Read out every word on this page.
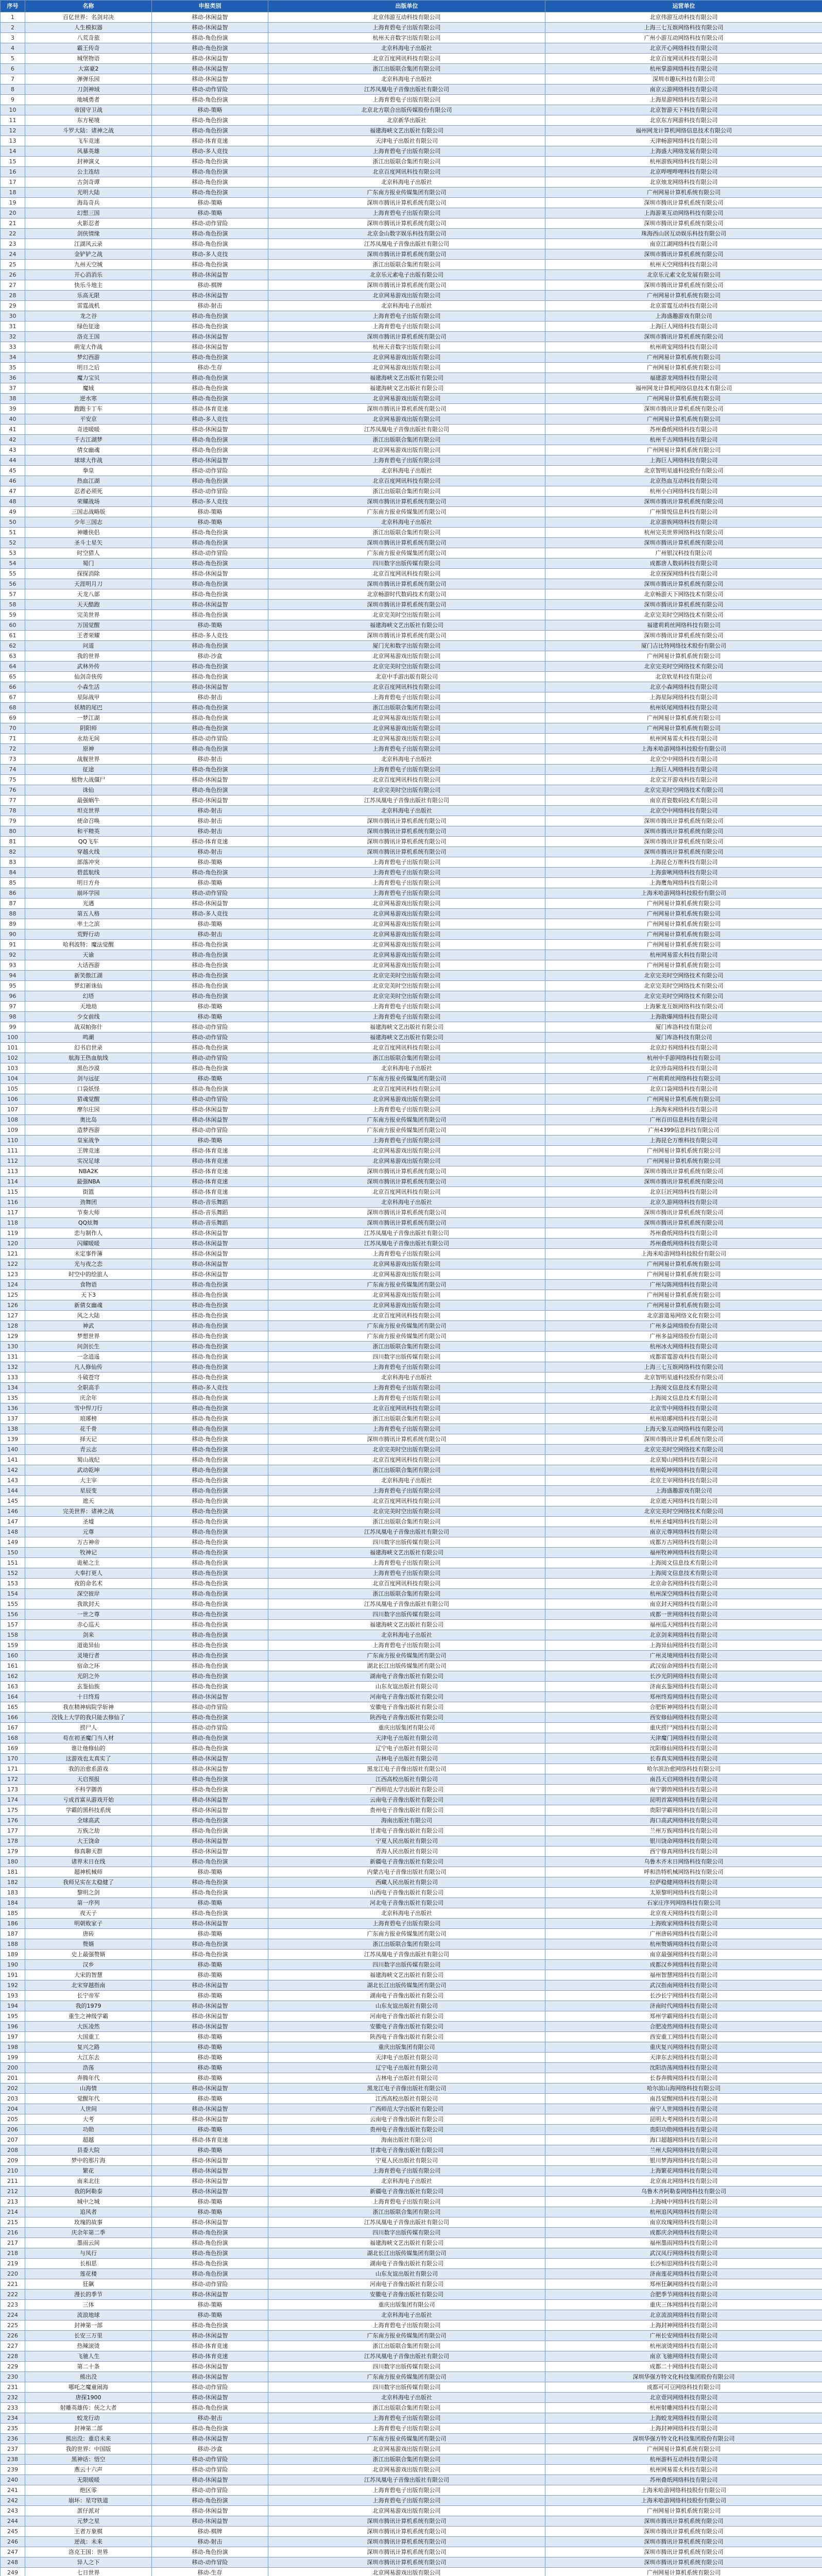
序号	名称	申报类别	出版单位	运营单位
1	百亿世界：名剑对决	移动-休闲益智	北京伟游互动科技有限公司	北京伟游互动科技有限公司
2	人生模拟器	移动-休闲益智	上海育碧电子出版有限公司	上海三七互娱网络科技有限公司
3	八荒奇旅	移动-角色扮演	杭州天音数字出版有限公司	广州小游互动网络科技有限公司
4	霸王传奇	移动-角色扮演	北京科海电子出版社	北京开心网络科技有限公司
5	城堡物语	移动-休闲益智	北京百度网讯科技有限公司	北京百度网讯科技有限公司
6	大富豪2	移动-休闲益智	浙江出版联合集团有限公司	杭州掌游网络科技有限公司
7	弹弹乐园	移动-休闲益智	北京科海电子出版社	深圳市趣玩科技有限公司
8	刀剑神域	移动-动作冒险	江苏凤凰电子音像出版社有限公司	南京云游网络科技有限公司
9	地城勇者	移动-角色扮演	上海育碧电子出版有限公司	上海星游网络科技有限公司
10	帝国守卫战	移动-策略	北京北方联合出版传媒股份有限公司	北京智游天下科技有限公司
11	东方秘境	移动-角色扮演	北京新华出版社	北京东方网游科技有限公司
12	斗罗大陆：诸神之战	移动-角色扮演	福建海峡文艺出版社有限公司	福州网龙计算机网络信息技术有限公司
13	飞车竞速	移动-体育竞速	天津电子出版社有限公司	天津畅游网络科技有限公司
14	风暴英雄	移动-多人竞技	上海育碧电子出版有限公司	上海盛大网络发展有限公司
15	封神演义	移动-角色扮演	浙江出版联合集团有限公司	杭州游族网络科技有限公司
16	公主连结	移动-角色扮演	北京百度网讯科技有限公司	北京哔哩哔哩科技有限公司
17	古剑奇谭	移动-角色扮演	北京科海电子出版社	北京烛龙网络科技有限公司
18	光明大陆	移动-角色扮演	广东南方报业传媒集团有限公司	广州网易计算机系统有限公司
19	海岛奇兵	移动-策略	深圳市腾讯计算机系统有限公司	深圳市腾讯计算机系统有限公司
20	幻想三国	移动-策略	上海育碧电子出版有限公司	上海游莱互动网络科技有限公司
21	火影忍者	移动-动作冒险	深圳市腾讯计算机系统有限公司	深圳市腾讯计算机系统有限公司
22	剑侠情缘	移动-角色扮演	北京金山数字娱乐科技有限公司	珠海西山居互动娱乐科技有限公司
23	江湖风云录	移动-角色扮演	江苏凤凰电子音像出版社有限公司	南京江湖网络科技有限公司
24	金铲铲之战	移动-多人竞技	深圳市腾讯计算机系统有限公司	深圳市腾讯计算机系统有限公司
25	九州天空城	移动-角色扮演	浙江出版联合集团有限公司	杭州天空网络科技有限公司
26	开心消消乐	移动-休闲益智	北京乐元素电子出版有限公司	北京乐元素文化发展有限公司
27	快乐斗地主	移动-棋牌	深圳市腾讯计算机系统有限公司	深圳市腾讯计算机系统有限公司
28	乐高无限	移动-休闲益智	北京网易游戏出版有限公司	广州网易计算机系统有限公司
29	雷霆战机	移动-射击	北京科海电子出版社	北京雷霆互动科技有限公司
30	龙之谷	移动-角色扮演	上海育碧电子出版有限公司	上海盛趣游戏有限公司
31	绿色征途	移动-角色扮演	上海育碧电子出版有限公司	上海巨人网络科技有限公司
32	洛克王国	移动-休闲益智	深圳市腾讯计算机系统有限公司	深圳市腾讯计算机系统有限公司
33	萌宠大作战	移动-休闲益智	杭州天音数字出版有限公司	杭州萌宠网络科技有限公司
34	梦幻西游	移动-角色扮演	北京网易游戏出版有限公司	广州网易计算机系统有限公司
35	明日之后	移动-生存	北京网易游戏出版有限公司	广州网易计算机系统有限公司
36	魔力宝贝	移动-角色扮演	福建海峡文艺出版社有限公司	福建游龙网络科技有限公司
37	魔域	移动-角色扮演	福建海峡文艺出版社有限公司	福州网龙计算机网络信息技术有限公司
38	逆水寒	移动-角色扮演	北京网易游戏出版有限公司	广州网易计算机系统有限公司
39	跑跑卡丁车	移动-体育竞速	深圳市腾讯计算机系统有限公司	深圳市腾讯计算机系统有限公司
40	平安京	移动-多人竞技	北京网易游戏出版有限公司	广州网易计算机系统有限公司
41	奇迹暖暖	移动-休闲益智	江苏凤凰电子音像出版社有限公司	苏州叠纸网络科技有限公司
42	千古江湖梦	移动-角色扮演	浙江出版联合集团有限公司	杭州千古网络科技有限公司
43	倩女幽魂	移动-角色扮演	北京网易游戏出版有限公司	广州网易计算机系统有限公司
44	球球大作战	移动-休闲益智	上海育碧电子出版有限公司	上海巨人网络科技有限公司
45	拳皇	移动-动作冒险	北京科海电子出版社	北京智明星通科技股份有限公司
46	热血江湖	移动-角色扮演	北京百度网讯科技有限公司	北京热血互动科技有限公司
47	忍者必须死	移动-动作冒险	浙江出版联合集团有限公司	杭州小白网络科技有限公司
48	荣耀战场	移动-多人竞技	深圳市腾讯计算机系统有限公司	深圳市腾讯计算机系统有限公司
49	三国志战略版	移动-策略	广东南方报业传媒集团有限公司	广州简悦信息科技有限公司
50	少年三国志	移动-策略	北京科海电子出版社	北京游族网络科技有限公司
51	神雕侠侣	移动-角色扮演	浙江出版联合集团有限公司	杭州完美世界网络科技有限公司
52	圣斗士星矢	移动-角色扮演	深圳市腾讯计算机系统有限公司	深圳市腾讯计算机系统有限公司
53	时空猎人	移动-动作冒险	广东南方报业传媒集团有限公司	广州银汉科技有限公司
54	蜀门	移动-角色扮演	四川数字出版传媒有限公司	成都唐人数码科技有限公司
55	探探消除	移动-休闲益智	北京百度网讯科技有限公司	北京探探网络科技有限公司
56	天涯明月刀	移动-角色扮演	深圳市腾讯计算机系统有限公司	深圳市腾讯计算机系统有限公司
57	天龙八部	移动-角色扮演	北京畅游时代数码技术有限公司	北京畅游天下网络技术有限公司
58	天天酷跑	移动-休闲益智	深圳市腾讯计算机系统有限公司	深圳市腾讯计算机系统有限公司
59	完美世界	移动-角色扮演	北京完美时空出版有限公司	北京完美时空网络技术有限公司
60	万国觉醒	移动-策略	福建海峡文艺出版社有限公司	福建莉莉丝网络科技有限公司
61	王者荣耀	移动-多人竞技	深圳市腾讯计算机系统有限公司	深圳市腾讯计算机系统有限公司
62	问道	移动-角色扮演	厦门光和数字出版有限公司	厦门吉比特网络技术股份有限公司
63	我的世界	移动-沙盒	北京网易游戏出版有限公司	广州网易计算机系统有限公司
64	武林外传	移动-角色扮演	北京完美时空出版有限公司	北京完美时空网络技术有限公司
65	仙剑奇侠传	移动-角色扮演	北京中手游出版有限公司	北京软星科技有限公司
66	小森生活	移动-休闲益智	北京百度网讯科技有限公司	北京小森网络科技有限公司
67	星际战甲	移动-射击	上海育碧电子出版有限公司	上海星际网络科技有限公司
68	妖精的尾巴	移动-角色扮演	浙江出版联合集团有限公司	杭州妖尾网络科技有限公司
69	一梦江湖	移动-角色扮演	北京网易游戏出版有限公司	广州网易计算机系统有限公司
70	阴阳师	移动-角色扮演	北京网易游戏出版有限公司	广州网易计算机系统有限公司
71	永劫无间	移动-动作冒险	北京网易游戏出版有限公司	杭州网易雷火科技有限公司
72	原神	移动-角色扮演	上海育碧电子出版有限公司	上海米哈游网络科技股份有限公司
73	战舰世界	移动-射击	北京科海电子出版社	北京空中网络科技有限公司
74	征途	移动-角色扮演	上海育碧电子出版有限公司	上海巨人网络科技有限公司
75	植物大战僵尸	移动-休闲益智	北京百度网讯科技有限公司	北京宝开游戏科技有限公司
76	诛仙	移动-角色扮演	北京完美时空出版有限公司	北京完美时空网络技术有限公司
77	最强蜗牛	移动-休闲益智	江苏凤凰电子音像出版社有限公司	南京青瓷数码技术有限公司
78	坦克世界	移动-射击	北京科海电子出版社	北京空中网络科技有限公司
79	使命召唤	移动-射击	深圳市腾讯计算机系统有限公司	深圳市腾讯计算机系统有限公司
80	和平精英	移动-射击	深圳市腾讯计算机系统有限公司	深圳市腾讯计算机系统有限公司
81	QQ飞车	移动-体育竞速	深圳市腾讯计算机系统有限公司	深圳市腾讯计算机系统有限公司
82	穿越火线	移动-射击	深圳市腾讯计算机系统有限公司	深圳市腾讯计算机系统有限公司
83	部落冲突	移动-策略	上海育碧电子出版有限公司	上海昆仑万维科技有限公司
84	碧蓝航线	移动-角色扮演	上海育碧电子出版有限公司	上海蛮啾网络科技有限公司
85	明日方舟	移动-策略	上海育碧电子出版有限公司	上海鹰角网络科技有限公司
86	崩坏学园	移动-动作冒险	上海育碧电子出版有限公司	上海米哈游网络科技股份有限公司
87	光遇	移动-休闲益智	北京网易游戏出版有限公司	广州网易计算机系统有限公司
88	第五人格	移动-多人竞技	北京网易游戏出版有限公司	广州网易计算机系统有限公司
89	率土之滨	移动-策略	北京网易游戏出版有限公司	广州网易计算机系统有限公司
90	荒野行动	移动-射击	北京网易游戏出版有限公司	广州网易计算机系统有限公司
91	哈利波特：魔法觉醒	移动-角色扮演	北京网易游戏出版有限公司	广州网易计算机系统有限公司
92	天谕	移动-角色扮演	北京网易游戏出版有限公司	杭州网易雷火科技有限公司
93	大话西游	移动-角色扮演	北京网易游戏出版有限公司	广州网易计算机系统有限公司
94	新笑傲江湖	移动-角色扮演	北京完美时空出版有限公司	北京完美时空网络技术有限公司
95	梦幻新诛仙	移动-角色扮演	北京完美时空出版有限公司	北京完美时空网络技术有限公司
96	幻塔	移动-角色扮演	北京完美时空出版有限公司	北京完美时空网络技术有限公司
97	天地劫	移动-策略	上海育碧电子出版有限公司	上海紫龙互娱网络科技有限公司
98	少女前线	移动-策略	上海育碧电子出版有限公司	上海散爆网络科技有限公司
99	战双帕弥什	移动-动作冒险	福建海峡文艺出版社有限公司	厦门库洛科技有限公司
100	鸣潮	移动-动作冒险	福建海峡文艺出版社有限公司	厦门库洛科技有限公司
101	幻书启世录	移动-角色扮演	北京百度网讯科技有限公司	北京幻书网络科技有限公司
102	航海王热血航线	移动-动作冒险	浙江出版联合集团有限公司	杭州中手游网络科技有限公司
103	黑色沙漠	移动-角色扮演	北京科海电子出版社	北京珍岛网络科技有限公司
104	剑与远征	移动-策略	广东南方报业传媒集团有限公司	广州莉莉丝网络科技有限公司
105	口袋妖怪	移动-角色扮演	北京百度网讯科技有限公司	北京口袋网络科技有限公司
106	猎魂觉醒	移动-动作冒险	北京网易游戏出版有限公司	广州网易计算机系统有限公司
107	摩尔庄园	移动-休闲益智	上海育碧电子出版有限公司	上海淘米网络科技有限公司
108	奥比岛	移动-休闲益智	广东南方报业传媒集团有限公司	广州百田信息科技有限公司
109	造梦西游	移动-动作冒险	广东南方报业传媒集团有限公司	广州4399信息科技有限公司
110	皇室战争	移动-策略	上海育碧电子出版有限公司	上海昆仑万维科技有限公司
111	王牌竞速	移动-体育竞速	北京网易游戏出版有限公司	广州网易计算机系统有限公司
112	实况足球	移动-体育竞速	北京网易游戏出版有限公司	广州网易计算机系统有限公司
113	NBA2K	移动-体育竞速	深圳市腾讯计算机系统有限公司	深圳市腾讯计算机系统有限公司
114	最强NBA	移动-体育竞速	深圳市腾讯计算机系统有限公司	深圳市腾讯计算机系统有限公司
115	街篮	移动-体育竞速	北京百度网讯科技有限公司	北京巨匠网络科技有限公司
116	劲舞团	移动-音乐舞蹈	北京科海电子出版社	北京久游网络科技有限公司
117	节奏大师	移动-音乐舞蹈	深圳市腾讯计算机系统有限公司	深圳市腾讯计算机系统有限公司
118	QQ炫舞	移动-音乐舞蹈	深圳市腾讯计算机系统有限公司	深圳市腾讯计算机系统有限公司
119	恋与制作人	移动-休闲益智	江苏凤凰电子音像出版社有限公司	苏州叠纸网络科技有限公司
120	闪耀暖暖	移动-休闲益智	江苏凤凰电子音像出版社有限公司	苏州叠纸网络科技有限公司
121	未定事件簿	移动-休闲益智	上海育碧电子出版有限公司	上海米哈游网络科技股份有限公司
122	光与夜之恋	移动-休闲益智	北京网易游戏出版有限公司	广州网易计算机系统有限公司
123	时空中的绘旅人	移动-休闲益智	北京网易游戏出版有限公司	广州网易计算机系统有限公司
124	食物语	移动-角色扮演	广东南方报业传媒集团有限公司	广州勾陈网络科技有限公司
125	天下3	移动-角色扮演	北京网易游戏出版有限公司	广州网易计算机系统有限公司
126	新倩女幽魂	移动-角色扮演	北京网易游戏出版有限公司	广州网易计算机系统有限公司
127	风之大陆	移动-角色扮演	北京百度网讯科技有限公司	北京游道易网络文化有限公司
128	神武	移动-角色扮演	广东南方报业传媒集团有限公司	广州多益网络股份有限公司
129	梦想世界	移动-角色扮演	广东南方报业传媒集团有限公司	广州多益网络股份有限公司
130	问剑长生	移动-角色扮演	浙江出版联合集团有限公司	杭州冰火网络科技有限公司
131	一念逍遥	移动-角色扮演	四川数字出版传媒有限公司	成都雷霆游戏科技有限公司
132	凡人修仙传	移动-角色扮演	上海育碧电子出版有限公司	上海三七互娱网络科技有限公司
133	斗破苍穹	移动-角色扮演	北京科海电子出版社	北京智明星通科技股份有限公司
134	全职高手	移动-多人竞技	上海育碧电子出版有限公司	上海阅文信息技术有限公司
135	庆余年	移动-角色扮演	上海育碧电子出版有限公司	上海阅文信息技术有限公司
136	雪中悍刀行	移动-角色扮演	北京百度网讯科技有限公司	北京雪中网络科技有限公司
137	琅琊榜	移动-角色扮演	浙江出版联合集团有限公司	杭州琅琊网络科技有限公司
138	花千骨	移动-角色扮演	上海育碧电子出版有限公司	上海天象互动网络科技有限公司
139	择天记	移动-角色扮演	深圳市腾讯计算机系统有限公司	深圳市腾讯计算机系统有限公司
140	青云志	移动-角色扮演	北京完美时空出版有限公司	北京完美时空网络技术有限公司
141	蜀山战纪	移动-角色扮演	北京百度网讯科技有限公司	北京蜀山网络科技有限公司
142	武动乾坤	移动-角色扮演	浙江出版联合集团有限公司	杭州乾坤网络科技有限公司
143	大主宰	移动-角色扮演	北京科海电子出版社	北京主宰网络科技有限公司
144	星辰变	移动-角色扮演	上海育碧电子出版有限公司	上海盛趣游戏有限公司
145	遮天	移动-角色扮演	北京百度网讯科技有限公司	北京遮天网络科技有限公司
146	完美世界：诸神之战	移动-角色扮演	北京完美时空出版有限公司	北京完美时空网络技术有限公司
147	圣墟	移动-角色扮演	浙江出版联合集团有限公司	杭州圣墟网络科技有限公司
148	元尊	移动-角色扮演	江苏凤凰电子音像出版社有限公司	南京元尊网络科技有限公司
149	万古神帝	移动-角色扮演	四川数字出版传媒有限公司	成都万古网络科技有限公司
150	牧神记	移动-角色扮演	福建海峡文艺出版社有限公司	福州牧神网络科技有限公司
151	诡秘之主	移动-角色扮演	上海育碧电子出版有限公司	上海阅文信息技术有限公司
152	大奉打更人	移动-角色扮演	上海育碧电子出版有限公司	上海阅文信息技术有限公司
153	夜的命名术	移动-角色扮演	北京百度网讯科技有限公司	北京命名网络科技有限公司
154	深空彼岸	移动-角色扮演	浙江出版联合集团有限公司	杭州深空网络科技有限公司
155	我欲封天	移动-角色扮演	江苏凤凰电子音像出版社有限公司	南京封天网络科技有限公司
156	一世之尊	移动-角色扮演	四川数字出版传媒有限公司	成都一世网络科技有限公司
157	赤心巡天	移动-角色扮演	福建海峡文艺出版社有限公司	福州巡天网络科技有限公司
158	剑来	移动-角色扮演	北京科海电子出版社	北京剑来网络科技有限公司
159	道诡异仙	移动-角色扮演	上海育碧电子出版有限公司	上海异仙网络科技有限公司
160	灵境行者	移动-角色扮演	广东南方报业传媒集团有限公司	广州灵境网络科技有限公司
161	宿命之环	移动-角色扮演	湖北长江出版传媒集团有限公司	武汉宿命网络科技有限公司
162	光阴之外	移动-角色扮演	湖南电子音像出版社有限公司	长沙光阴网络科技有限公司
163	玄鉴仙族	移动-角色扮演	山东友谊出版社有限公司	济南玄鉴网络科技有限公司
164	十日终焉	移动-休闲益智	河南电子音像出版社有限公司	郑州终焉网络科技有限公司
165	我在精神病院学斩神	移动-动作冒险	安徽电子音像出版社有限公司	合肥斩神网络科技有限公司
166	没钱上大学的我只能去修仙了	移动-角色扮演	陕西电子音像出版社有限公司	西安修仙网络科技有限公司
167	捞尸人	移动-动作冒险	重庆出版集团有限公司	重庆捞尸网络科技有限公司
168	苟在初圣魔门当人材	移动-角色扮演	天津电子出版社有限公司	天津魔门网络科技有限公司
169	谁让他修仙的	移动-角色扮演	辽宁电子出版社有限公司	沈阳修仙网络科技有限公司
170	这游戏也太真实了	移动-休闲益智	吉林电子出版社有限公司	长春真实网络科技有限公司
171	我的治愈系游戏	移动-休闲益智	黑龙江电子音像出版社有限公司	哈尔滨治愈网络科技有限公司
172	天启预报	移动-角色扮演	江西高校出版社有限公司	南昌天启网络科技有限公司
173	不科学御兽	移动-角色扮演	广西师范大学出版社有限公司	南宁御兽网络科技有限公司
174	亏成首富从游戏开始	移动-休闲益智	云南电子音像出版社有限公司	昆明首富网络科技有限公司
175	学霸的黑科技系统	移动-休闲益智	贵州电子音像出版社有限公司	贵阳学霸网络科技有限公司
176	全球高武	移动-角色扮演	海南出版社有限公司	海口高武网络科技有限公司
177	万族之劫	移动-角色扮演	甘肃电子音像出版社有限公司	兰州万族网络科技有限公司
178	大王饶命	移动-休闲益智	宁夏人民出版社有限公司	银川饶命网络科技有限公司
179	修真聊天群	移动-休闲益智	青海人民出版社有限公司	西宁修真网络科技有限公司
180	诸界末日在线	移动-角色扮演	新疆电子音像出版社有限公司	乌鲁木齐末日网络科技有限公司
181	超神机械师	移动-策略	内蒙古电子音像出版社有限公司	呼和浩特机械网络科技有限公司
182	我师兄实在太稳健了	移动-角色扮演	西藏人民出版社有限公司	拉萨稳健网络科技有限公司
183	黎明之剑	移动-角色扮演	山西电子音像出版社有限公司	太原黎明网络科技有限公司
184	第一序列	移动-策略	河北电子音像出版社有限公司	石家庄序列网络科技有限公司
185	夜天子	移动-角色扮演	北京科海电子出版社	北京夜天网络科技有限公司
186	明朝败家子	移动-休闲益智	上海育碧电子出版有限公司	上海败家网络科技有限公司
187	唐砖	移动-策略	广东南方报业传媒集团有限公司	广州唐砖网络科技有限公司
188	赘婿	移动-角色扮演	浙江出版联合集团有限公司	杭州赘婿网络科技有限公司
189	史上最强赘婿	移动-角色扮演	江苏凤凰电子音像出版社有限公司	南京最强网络科技有限公司
190	汉乡	移动-策略	四川数字出版传媒有限公司	成都汉乡网络科技有限公司
191	大宋的智慧	移动-策略	福建海峡文艺出版社有限公司	福州智慧网络科技有限公司
192	北宋穿越指南	移动-休闲益智	湖北长江出版传媒集团有限公司	武汉指南网络科技有限公司
193	长宁帝军	移动-策略	湖南电子音像出版社有限公司	长沙长宁网络科技有限公司
194	我的1979	移动-休闲益智	山东友谊出版社有限公司	济南时代网络科技有限公司
195	重生之神级学霸	移动-休闲益智	河南电子音像出版社有限公司	郑州学霸网络科技有限公司
196	大医凌然	移动-休闲益智	安徽电子音像出版社有限公司	合肥凌然网络科技有限公司
197	大国重工	移动-策略	陕西电子音像出版社有限公司	西安重工网络科技有限公司
198	复兴之路	移动-策略	重庆出版集团有限公司	重庆复兴网络科技有限公司
199	大江东去	移动-策略	天津电子出版社有限公司	天津东去网络科技有限公司
200	浩荡	移动-策略	辽宁电子出版社有限公司	沈阳浩荡网络科技有限公司
201	奔腾年代	移动-策略	吉林电子出版社有限公司	长春奔腾网络科技有限公司
202	山海情	移动-休闲益智	黑龙江电子音像出版社有限公司	哈尔滨山海网络科技有限公司
203	觉醒年代	移动-策略	江西高校出版社有限公司	南昌觉醒网络科技有限公司
204	人世间	移动-休闲益智	广西师范大学出版社有限公司	南宁人世网络科技有限公司
205	大考	移动-休闲益智	云南电子音像出版社有限公司	昆明大考网络科技有限公司
206	功勋	移动-策略	贵州电子音像出版社有限公司	贵阳功勋网络科技有限公司
207	超越	移动-体育竞速	海南出版社有限公司	海口超越网络科技有限公司
208	县委大院	移动-策略	甘肃电子音像出版社有限公司	兰州大院网络科技有限公司
209	梦中的那片海	移动-休闲益智	宁夏人民出版社有限公司	银川梦海网络科技有限公司
210	繁花	移动-休闲益智	上海育碧电子出版有限公司	上海繁花网络科技有限公司
211	南来北往	移动-休闲益智	北京科海电子出版社	北京南北网络科技有限公司
212	我的阿勒泰	移动-休闲益智	新疆电子音像出版社有限公司	乌鲁木齐阿勒泰网络科技有限公司
213	城中之城	移动-策略	上海育碧电子出版有限公司	上海城中网络科技有限公司
214	追风者	移动-策略	浙江出版联合集团有限公司	杭州追风网络科技有限公司
215	玫瑰的故事	移动-休闲益智	江苏凤凰电子音像出版社有限公司	南京玫瑰网络科技有限公司
216	庆余年第二季	移动-角色扮演	四川数字出版传媒有限公司	成都庆余网络科技有限公司
217	墨雨云间	移动-角色扮演	福建海峡文艺出版社有限公司	福州墨雨网络科技有限公司
218	与凤行	移动-角色扮演	湖北长江出版传媒集团有限公司	武汉凤行网络科技有限公司
219	长相思	移动-角色扮演	湖南电子音像出版社有限公司	长沙相思网络科技有限公司
220	莲花楼	移动-角色扮演	山东友谊出版社有限公司	济南莲花网络科技有限公司
221	狂飙	移动-动作冒险	河南电子音像出版社有限公司	郑州狂飙网络科技有限公司
222	漫长的季节	移动-休闲益智	安徽电子音像出版社有限公司	合肥季节网络科技有限公司
223	三体	移动-策略	重庆出版集团有限公司	重庆三体网络科技有限公司
224	流浪地球	移动-策略	北京科海电子出版社	北京流浪网络科技有限公司
225	封神第一部	移动-角色扮演	上海育碧电子出版有限公司	上海封神网络科技有限公司
226	长安三万里	移动-休闲益智	广东南方报业传媒集团有限公司	广州长安网络科技有限公司
227	热辣滚烫	移动-体育竞速	浙江出版联合集团有限公司	杭州滚烫网络科技有限公司
228	飞驰人生	移动-体育竞速	江苏凤凰电子音像出版社有限公司	南京飞驰网络科技有限公司
229	第二十条	移动-休闲益智	四川数字出版传媒有限公司	成都二十网络科技有限公司
230	熊出没	移动-休闲益智	广东南方报业传媒集团有限公司	深圳华强方特文化科技集团股份有限公司
231	哪吒之魔童闹海	移动-动作冒险	四川数字出版传媒有限公司	成都可可豆网络科技有限公司
232	唐探1900	移动-休闲益智	北京科海电子出版社	北京壹同网络科技有限公司
233	射雕英雄传：侠之大者	移动-角色扮演	浙江出版联合集团有限公司	杭州射雕网络科技有限公司
234	蛟龙行动	移动-射击	上海育碧电子出版有限公司	上海蛟龙网络科技有限公司
235	封神第二部	移动-角色扮演	上海育碧电子出版有限公司	上海封神网络科技有限公司
236	熊出没：重启未来	移动-休闲益智	广东南方报业传媒集团有限公司	深圳华强方特文化科技集团股份有限公司
237	我的世界：中国版	移动-沙盒	北京网易游戏出版有限公司	广州网易计算机系统有限公司
238	黑神话：悟空	移动-动作冒险	浙江出版联合集团有限公司	杭州游科互动科技有限公司
239	燕云十六声	移动-动作冒险	北京网易游戏出版有限公司	杭州网易雷火科技有限公司
240	无限暖暖	移动-休闲益智	江苏凤凰电子音像出版社有限公司	苏州叠纸网络科技有限公司
241	绝区零	移动-动作冒险	上海育碧电子出版有限公司	上海米哈游网络科技股份有限公司
242	崩坏：星穹铁道	移动-角色扮演	上海育碧电子出版有限公司	上海米哈游网络科技股份有限公司
243	蛋仔派对	移动-休闲益智	北京网易游戏出版有限公司	广州网易计算机系统有限公司
244	元梦之星	移动-休闲益智	深圳市腾讯计算机系统有限公司	深圳市腾讯计算机系统有限公司
245	王者万象棋	移动-棋牌	深圳市腾讯计算机系统有限公司	深圳市腾讯计算机系统有限公司
246	逆战：未来	移动-射击	深圳市腾讯计算机系统有限公司	深圳市腾讯计算机系统有限公司
247	洛克王国：世界	移动-角色扮演	深圳市腾讯计算机系统有限公司	深圳市腾讯计算机系统有限公司
248	异人之下	移动-动作冒险	深圳市腾讯计算机系统有限公司	深圳市腾讯计算机系统有限公司
249	七日世界	移动-生存	北京网易游戏出版有限公司	广州网易计算机系统有限公司
